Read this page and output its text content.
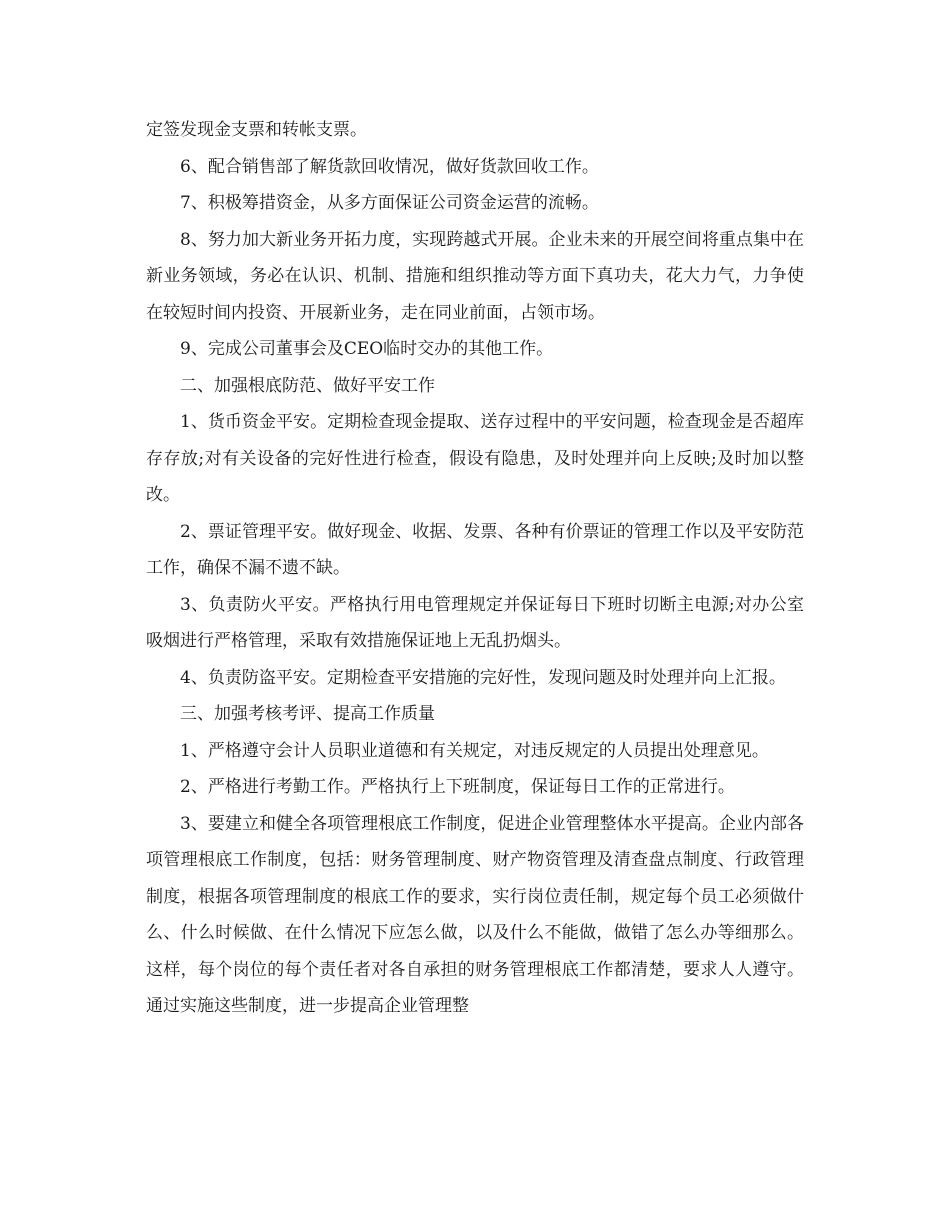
定签发现金支票和转帐支票。

6、配合销售部了解货款回收情况，做好货款回收工作。

7、积极筹措资金，从多方面保证公司资金运营的流畅。

8、努力加大新业务开拓力度，实现跨越式开展。企业未来的开展空间将重点集中在新业务领域，务必在认识、机制、措施和组织推动等方面下真功夫，花大力气，力争使在较短时间内投资、开展新业务，走在同业前面，占领市场。

9、完成公司董事会及CEO临时交办的其他工作。

二、加强根底防范、做好平安工作

1、货币资金平安。定期检查现金提取、送存过程中的平安问题，检查现金是否超库存存放;对有关设备的完好性进行检查，假设有隐患，及时处理并向上反映;及时加以整改。

2、票证管理平安。做好现金、收据、发票、各种有价票证的管理工作以及平安防范工作，确保不漏不遗不缺。

3、负责防火平安。严格执行用电管理规定并保证每日下班时切断主电源;对办公室吸烟进行严格管理，采取有效措施保证地上无乱扔烟头。

4、负责防盗平安。定期检查平安措施的完好性，发现问题及时处理并向上汇报。

三、加强考核考评、提高工作质量

1、严格遵守会计人员职业道德和有关规定，对违反规定的人员提出处理意见。

2、严格进行考勤工作。严格执行上下班制度，保证每日工作的正常进行。

3、要建立和健全各项管理根底工作制度，促进企业管理整体水平提高。企业内部各项管理根底工作制度，包括：财务管理制度、财产物资管理及清查盘点制度、行政管理制度，根据各项管理制度的根底工作的要求，实行岗位责任制，规定每个员工必须做什么、什么时候做、在什么情况下应怎么做，以及什么不能做，做错了怎么办等细那么。这样，每个岗位的每个责任者对各自承担的财务管理根底工作都清楚，要求人人遵守。通过实施这些制度，进一步提高企业管理整
